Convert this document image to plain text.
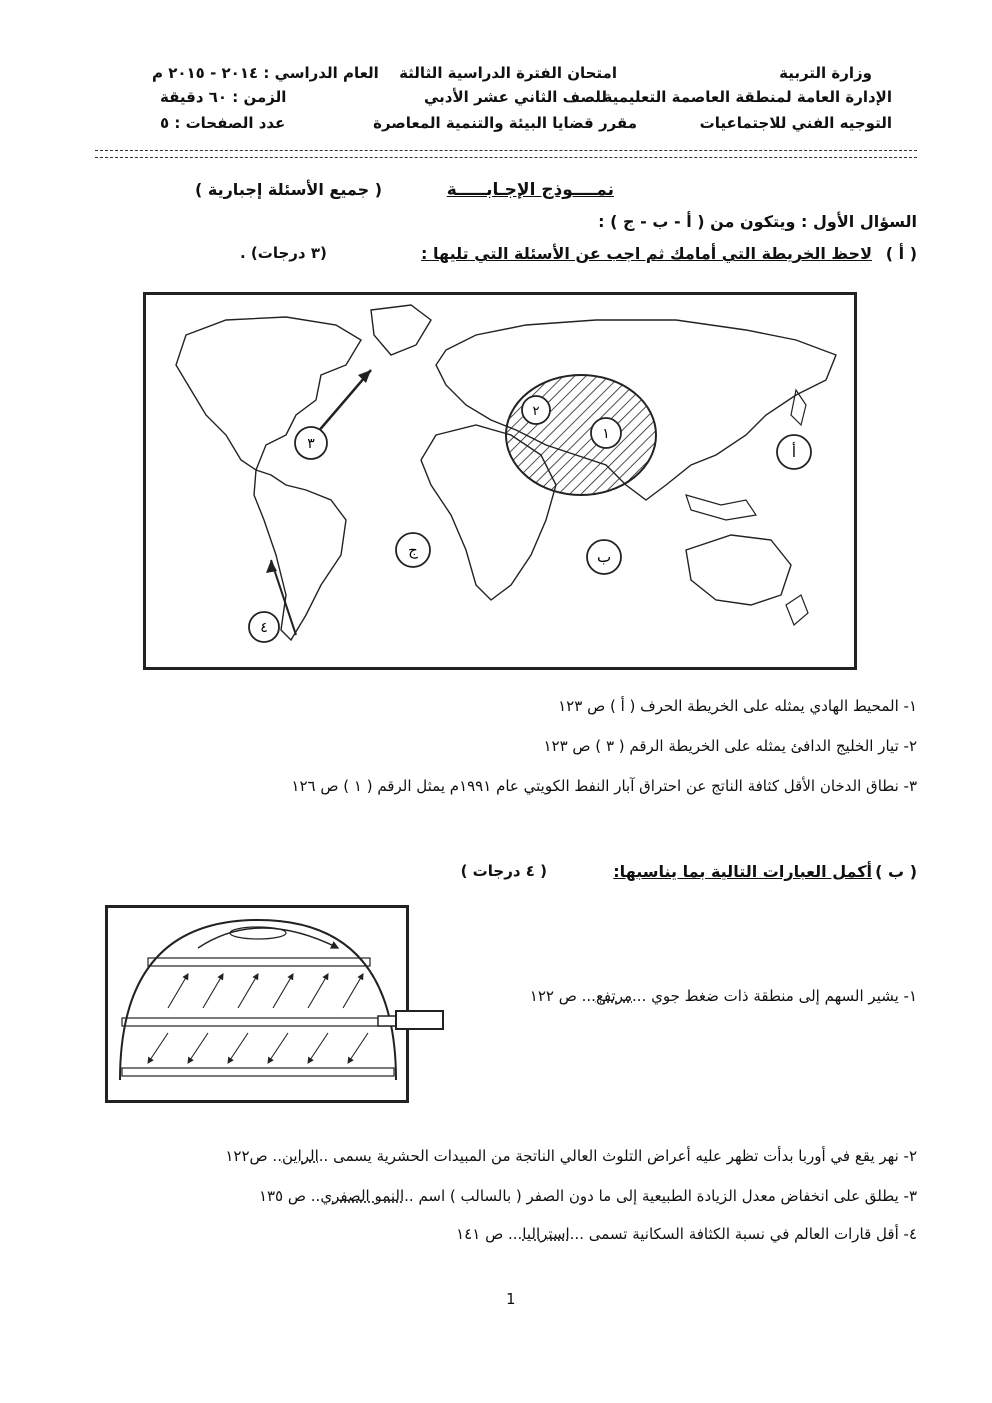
وزارة التربية
الإدارة العامة لمنطقة العاصمة التعليمية
التوجيه الفني للاجتماعيات
امتحان الفترة الدراسية الثالثة
للصف الثاني عشر الأدبي
مقرر قضايا البيئة والتنمية المعاصرة
العام الدراسي : ٢٠١٤ - ٢٠١٥ م
الزمن : ٦٠ دقيقة
عدد الصفحات : ٥
نمــــوذج الإجـابـــــة
( جميع الأسئلة إجبارية )
السؤال الأول : ويتكون من ( أ - ب - ج ) :
( أ )
لاحظ الخريطة التي أمامك ثم اجب عن الأسئلة التي تليها :
(٣ درجات) .
٣
٢
١
أ
ج	ب
٤
١- المحيط الهادي يمثله على الخريطة الحرف ( أ ) ص ١٢٣
٢- تيار الخليج الدافئ يمثله على الخريطة الرقم ( ٣ ) ص ١٢٣
٣- نطاق الدخان الأقل كثافة الناتج عن احتراق آبار النفط الكويتي عام ١٩٩١م يمثل الرقم ( ١ ) ص ١٢٦
( ب )
أكمل العبارات التالية بما يناسبها:
( ٤ درجات )
١- يشير السهم إلى منطقة ذات ضغط جوي ...مرتفع... ص ١٢٢
٢- نهر يقع في أوربا بدأت تظهر عليه أعراض التلوث العالي الناتجة من المبيدات الحشرية يسمى ..الراين.. ص١٢٢
٣- يطلق على انخفاض معدل الزيادة الطبيعية إلى ما دون الصفر ( بالسالب ) اسم ..النمو الصفري.. ص ١٣٥
٤- أقل قارات العالم في نسبة الكثافة السكانية تسمى ...استراليا... ص ١٤١
1
